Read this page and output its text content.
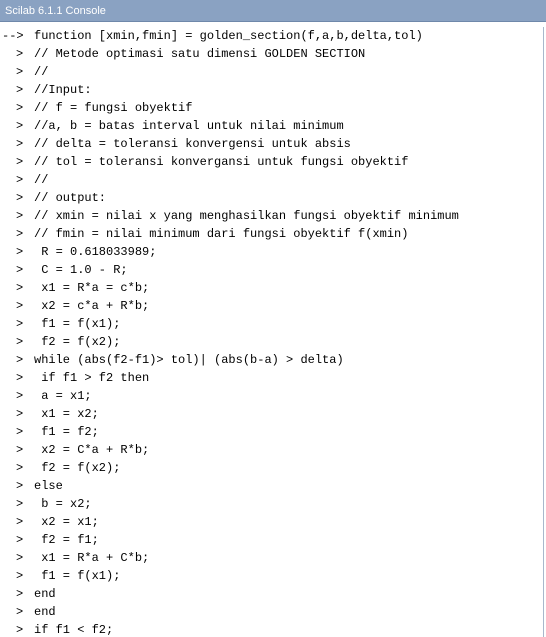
Scilab 6.1.1 Console
--> function [xmin,fmin] = golden_section(f,a,b,delta,tol)
> // Metode optimasi satu dimensi GOLDEN SECTION
> //
> //Input:
> // f = fungsi obyektif
> //a, b = batas interval untuk nilai minimum
> // delta = toleransi konvergensi untuk absis
> // tol = toleransi konvergansi untuk fungsi obyektif
> //
> // output:
> // xmin = nilai x yang menghasilkan fungsi obyektif minimum
> // fmin = nilai minimum dari fungsi obyektif f(xmin)
> R = 0.618033989;
> C = 1.0 - R;
> x1 = R*a = c*b;
> x2 = c*a + R*b;
> f1 = f(x1);
> f2 = f(x2);
> while (abs(f2-f1)> tol)| (abs(b-a) > delta)
> if f1 > f2 then
> a = x1;
> x1 = x2;
> f1 = f2;
> x2 = C*a + R*b;
> f2 = f(x2);
> else
> b = x2;
> x2 = x1;
> f2 = f1;
> x1 = R*a + C*b;
> f1 = f(x1);
> end
> end
> if f1 < f2;
